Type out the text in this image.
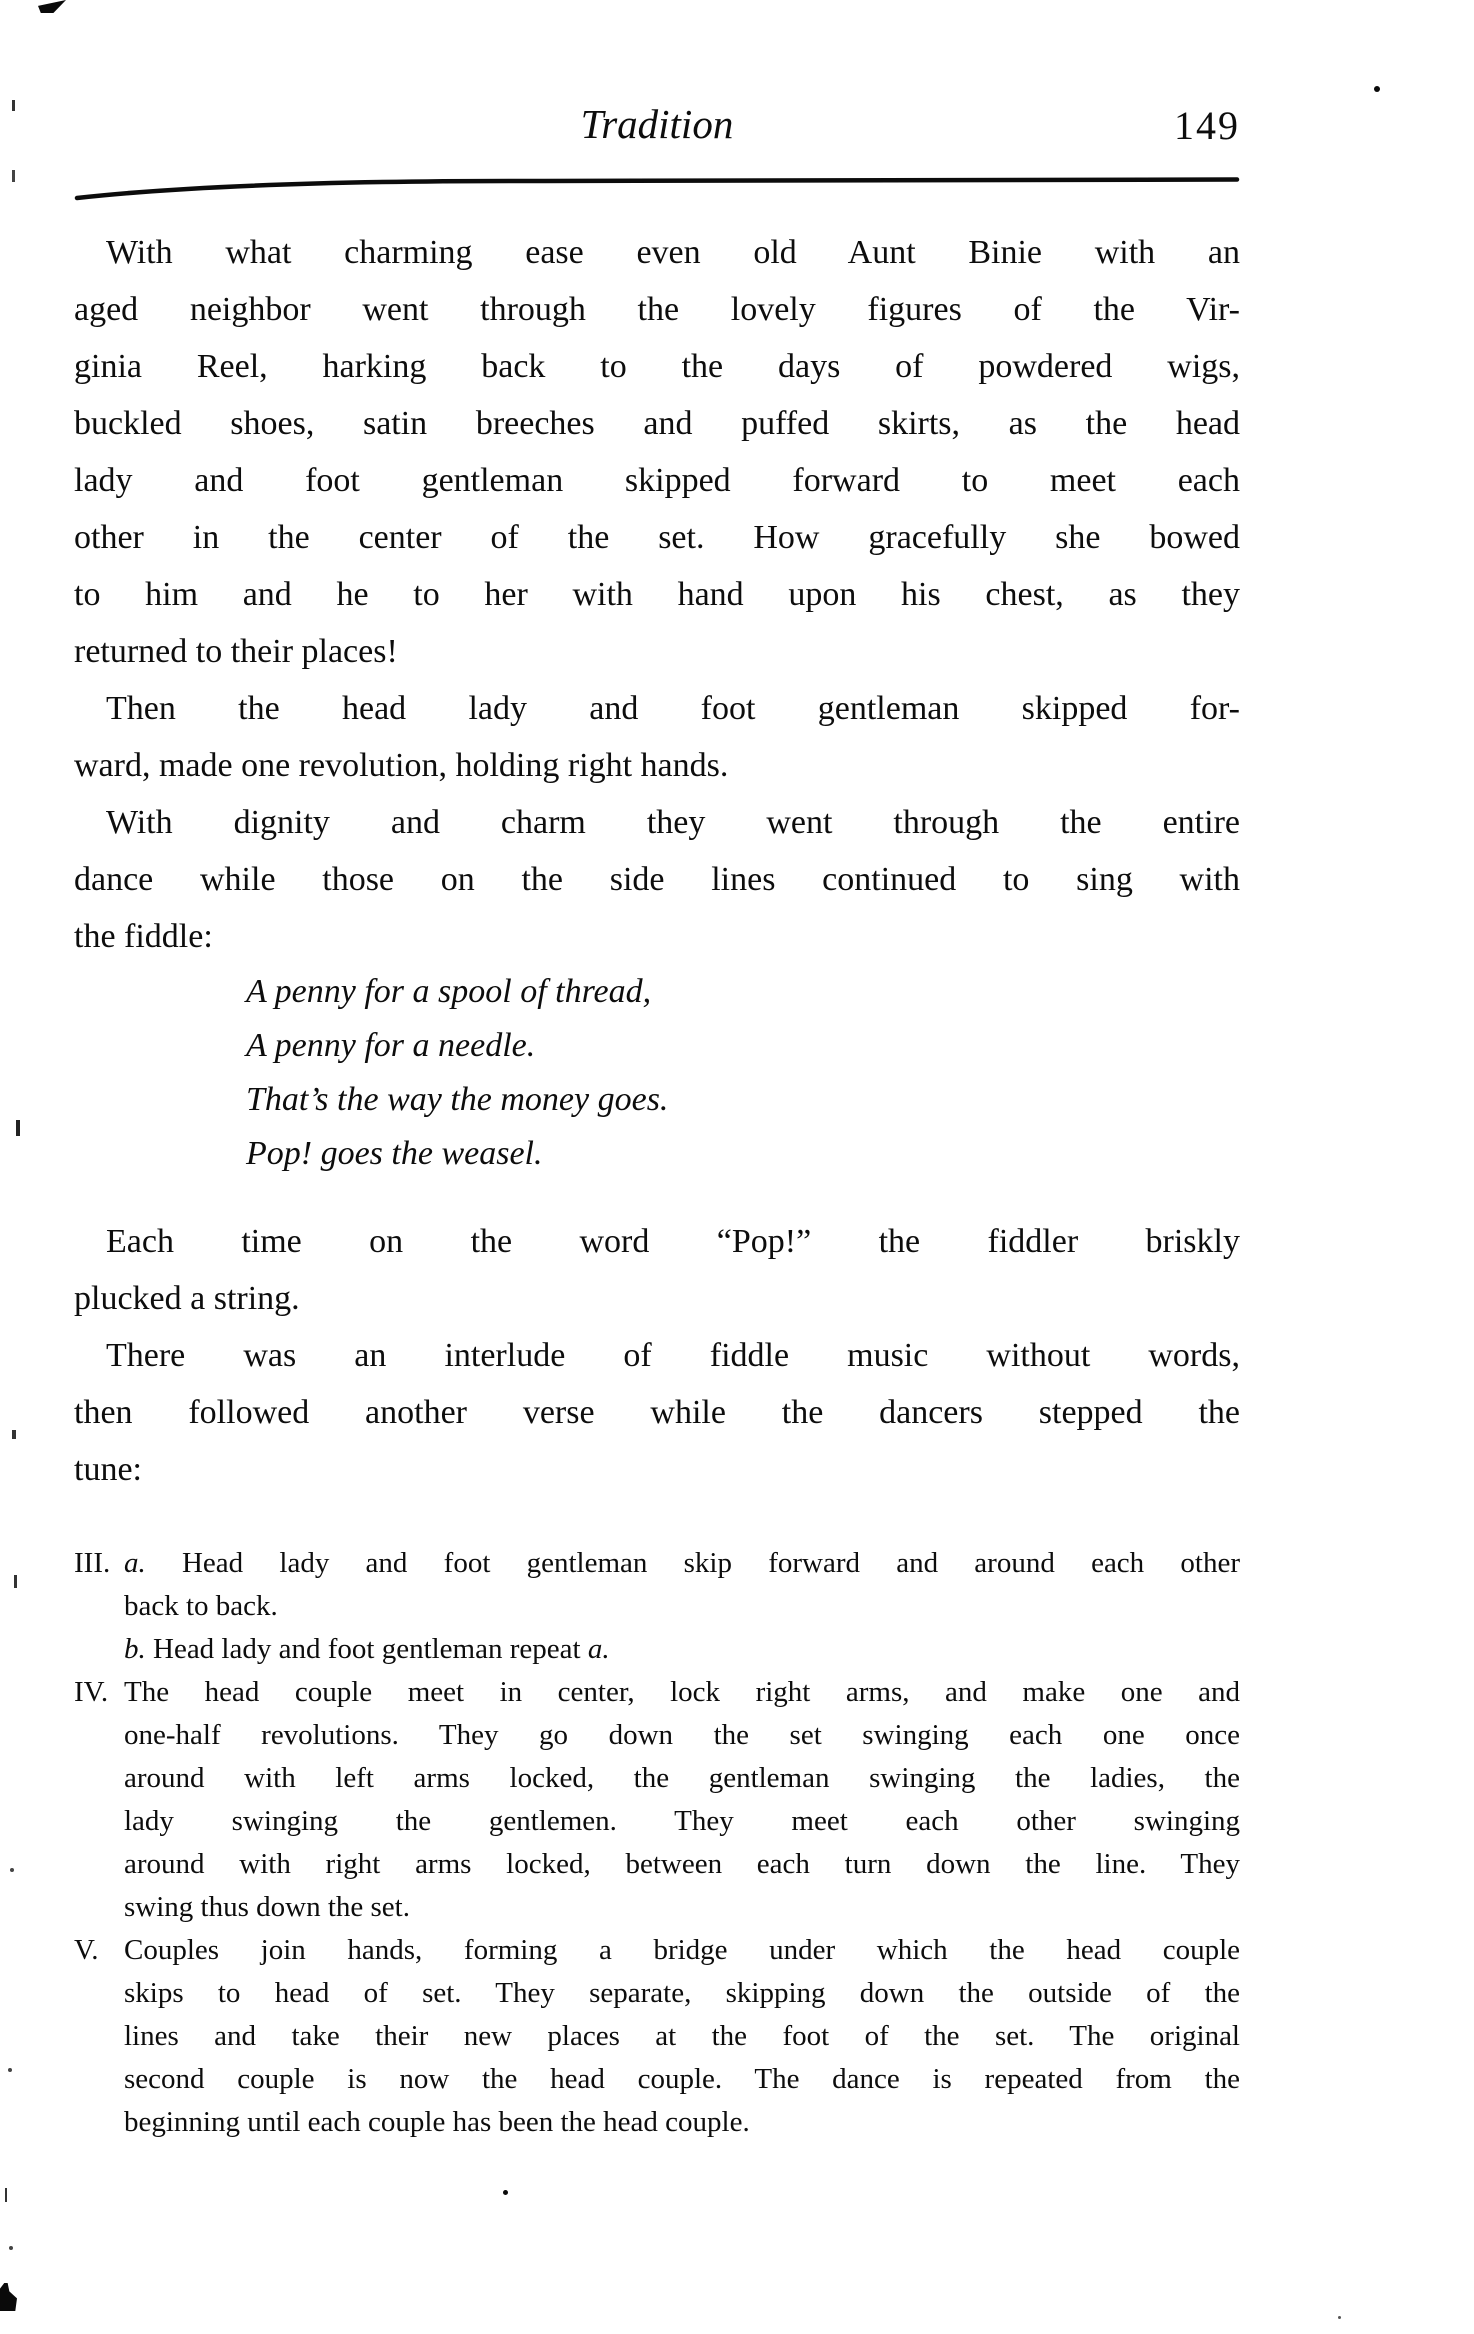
Tradition	149
With what charming ease even old Aunt Binie with an
aged neighbor went through the lovely figures of the Vir-
ginia Reel, harking back to the days of powdered wigs,
buckled shoes, satin breeches and puffed skirts, as the head
lady and foot gentleman skipped forward to meet each
other in the center of the set. How gracefully she bowed
to him and he to her with hand upon his chest, as they
returned to their places!
Then the head lady and foot gentleman skipped for-
ward, made one revolution, holding right hands.
With dignity and charm they went through the entire
dance while those on the side lines continued to sing with
the fiddle:
A penny for a spool of thread,
A penny for a needle.
That’s the way the money goes.
Pop! goes the weasel.
Each time on the word “Pop!” the fiddler briskly
plucked a string.
There was an interlude of fiddle music without words,
then followed another verse while the dancers stepped the
tune:
III. a. Head lady and foot gentleman skip forward and around each other
back to back.
b. Head lady and foot gentleman repeat a.
IV. The head couple meet in center, lock right arms, and make one and
one-half revolutions. They go down the set swinging each one once
around with left arms locked, the gentleman swinging the ladies, the
lady swinging the gentlemen. They meet each other swinging
around with right arms locked, between each turn down the line. They
swing thus down the set.
V. Couples join hands, forming a bridge under which the head couple
skips to head of set. They separate, skipping down the outside of the
lines and take their new places at the foot of the set. The original
second couple is now the head couple. The dance is repeated from the
beginning until each couple has been the head couple.
